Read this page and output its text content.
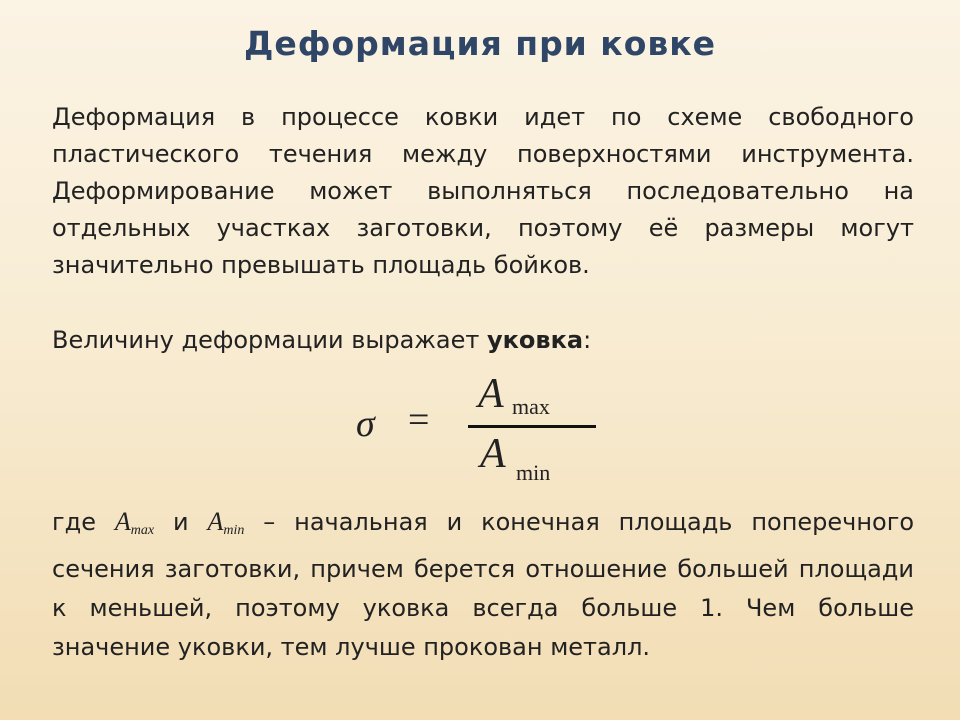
Деформация при ковке
Деформация в процессе ковки идет по схеме свободного пластического течения между поверхностями инструмента. Деформирование может выполняться последовательно на отдельных участках заготовки, поэтому её размеры могут значительно превышать площадь бойков.
Величину деформации выражает уковка:
σ =
A max
A min
где $A_{max}$ и $A_{min}$ – начальная и конечная площадь поперечного сечения заготовки, причем берется отношение большей площади к меньшей, поэтому уковка всегда больше 1. Чем больше значение уковки, тем лучше прокован металл.
